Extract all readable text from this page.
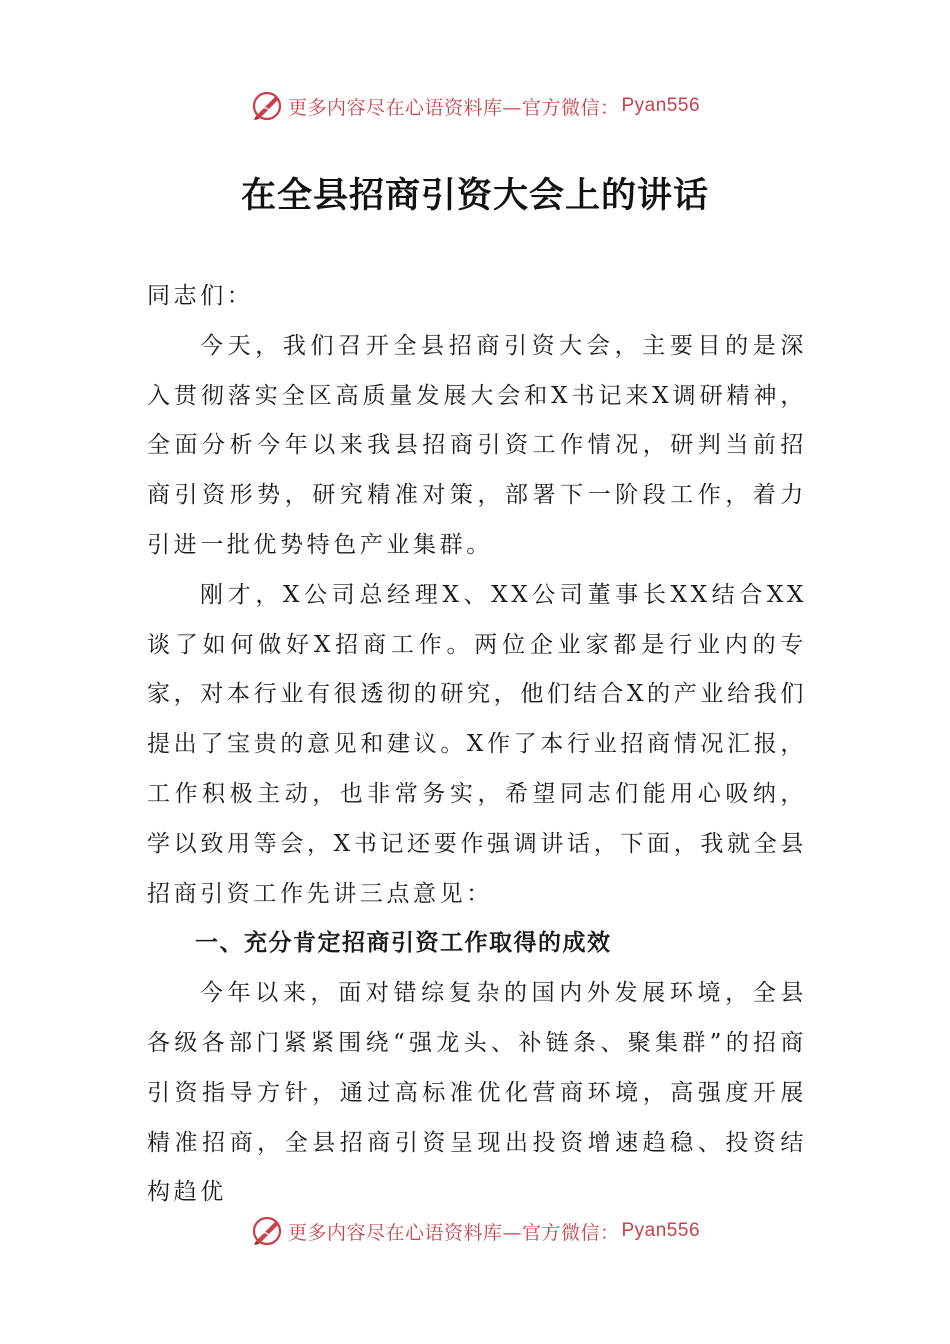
更多内容尽在心语资料库—官方微信： Pyan556
在全县招商引资大会上的讲话

同志们：

今天，我们召开全县招商引资大会，主要目的是深入贯彻落实全区高质量发展大会和X书记来X调研精神，全面分析今年以来我县招商引资工作情况，研判当前招商引资形势，研究精准对策，部署下一阶段工作，着力引进一批优势特色产业集群。

刚才，X公司总经理X、XX公司董事长XX结合XX谈了如何做好X招商工作。两位企业家都是行业内的专家，对本行业有很透彻的研究，他们结合X的产业给我们提出了宝贵的意见和建议。X作了本行业招商情况汇报，工作积极主动，也非常务实，希望同志们能用心吸纳，学以致用等会，X书记还要作强调讲话，下面，我就全县招商引资工作先讲三点意见：

一、充分肯定招商引资工作取得的成效

今年以来，面对错综复杂的国内外发展环境，全县各级各部门紧紧围绕“强龙头、补链条、聚集群”的招商引资指导方针，通过高标准优化营商环境，高强度开展精准招商，全县招商引资呈现出投资增速趋稳、投资结构趋优

更多内容尽在心语资料库—官方微信： Pyan556
